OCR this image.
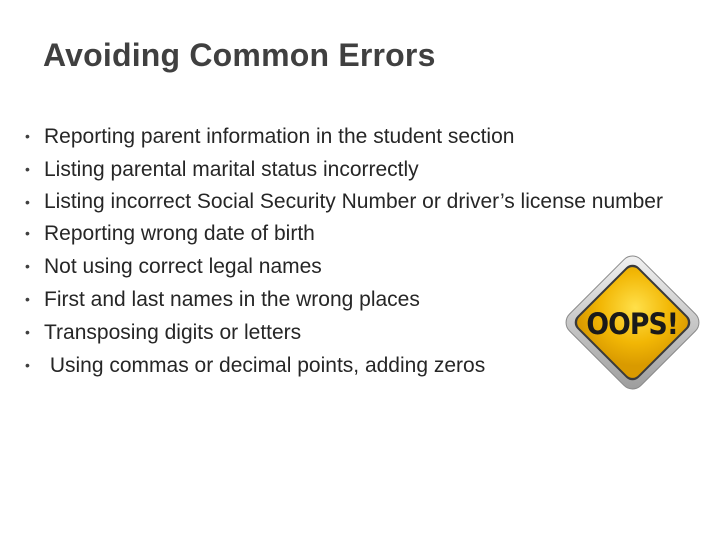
Avoiding Common Errors
• Reporting parent information in the student section
• Listing parental marital status incorrectly
• Listing incorrect Social Security Number or driver’s license number
• Reporting wrong date of birth
• Not using correct legal names
• First and last names in the wrong places
• Transposing digits or letters
• Using commas or decimal points, adding zeros
OOPS!
